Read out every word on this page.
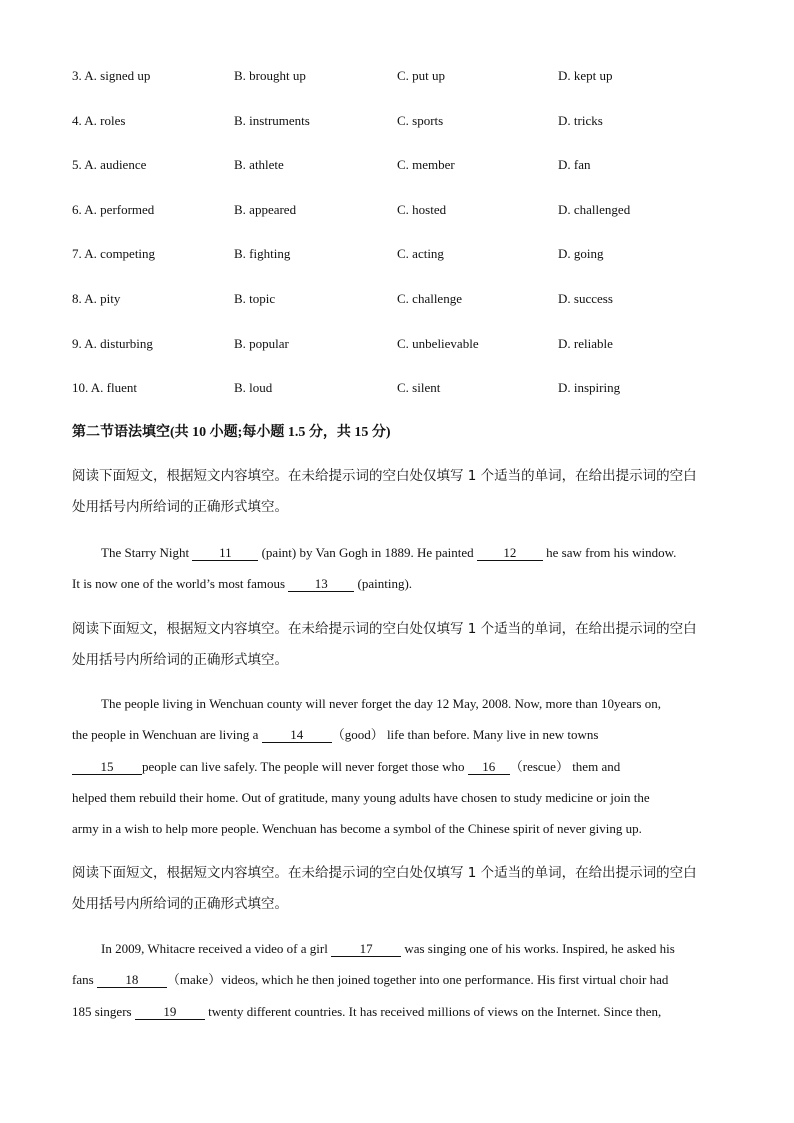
3. A. signed up	B. brought up	C. put up	D. kept up
4. A. roles	B. instruments	C. sports	D. tricks
5. A. audience	B. athlete	C. member	D. fan
6. A. performed	B. appeared	C. hosted	D. challenged
7. A. competing	B. fighting	C. acting	D. going
8. A. pity	B. topic	C. challenge	D. success
9. A. disturbing	B. popular	C. unbelievable	D. reliable
10. A. fluent	B. loud	C. silent	D. inspiring
第二节语法填空(共 10 小题;每小题 1.5 分，共 15 分)
阅读下面短文，根据短文内容填空。在未给提示词的空白处仅填写 1 个适当的单词，在给出提示词的空白
处用括号内所给词的正确形式填空。
The Starry Night 11 (paint) by Van Gogh in 1889. He painted 12 he saw from his window.
It is now one of the world’s most famous 13 (painting).
阅读下面短文，根据短文内容填空。在未给提示词的空白处仅填写 1 个适当的单词，在给出提示词的空白
处用括号内所给词的正确形式填空。
The people living in Wenchuan county will never forget the day 12 May, 2008. Now, more than 10years on,
the people in Wenchuan are living a 14 （good） life than before. Many live in new towns
15 people can live safely. The people will never forget those who 16 （rescue） them and
helped them rebuild their home. Out of gratitude, many young adults have chosen to study medicine or join the
army in a wish to help more people. Wenchuan has become a symbol of the Chinese spirit of never giving up.
阅读下面短文，根据短文内容填空。在未给提示词的空白处仅填写 1 个适当的单词，在给出提示词的空白
处用括号内所给词的正确形式填空。
In 2009, Whitacre received a video of a girl 17 was singing one of his works. Inspired, he asked his
fans 18 （make）videos, which he then joined together into one performance. His first virtual choir had
185 singers 19 twenty different countries. It has received millions of views on the Internet. Since then,
